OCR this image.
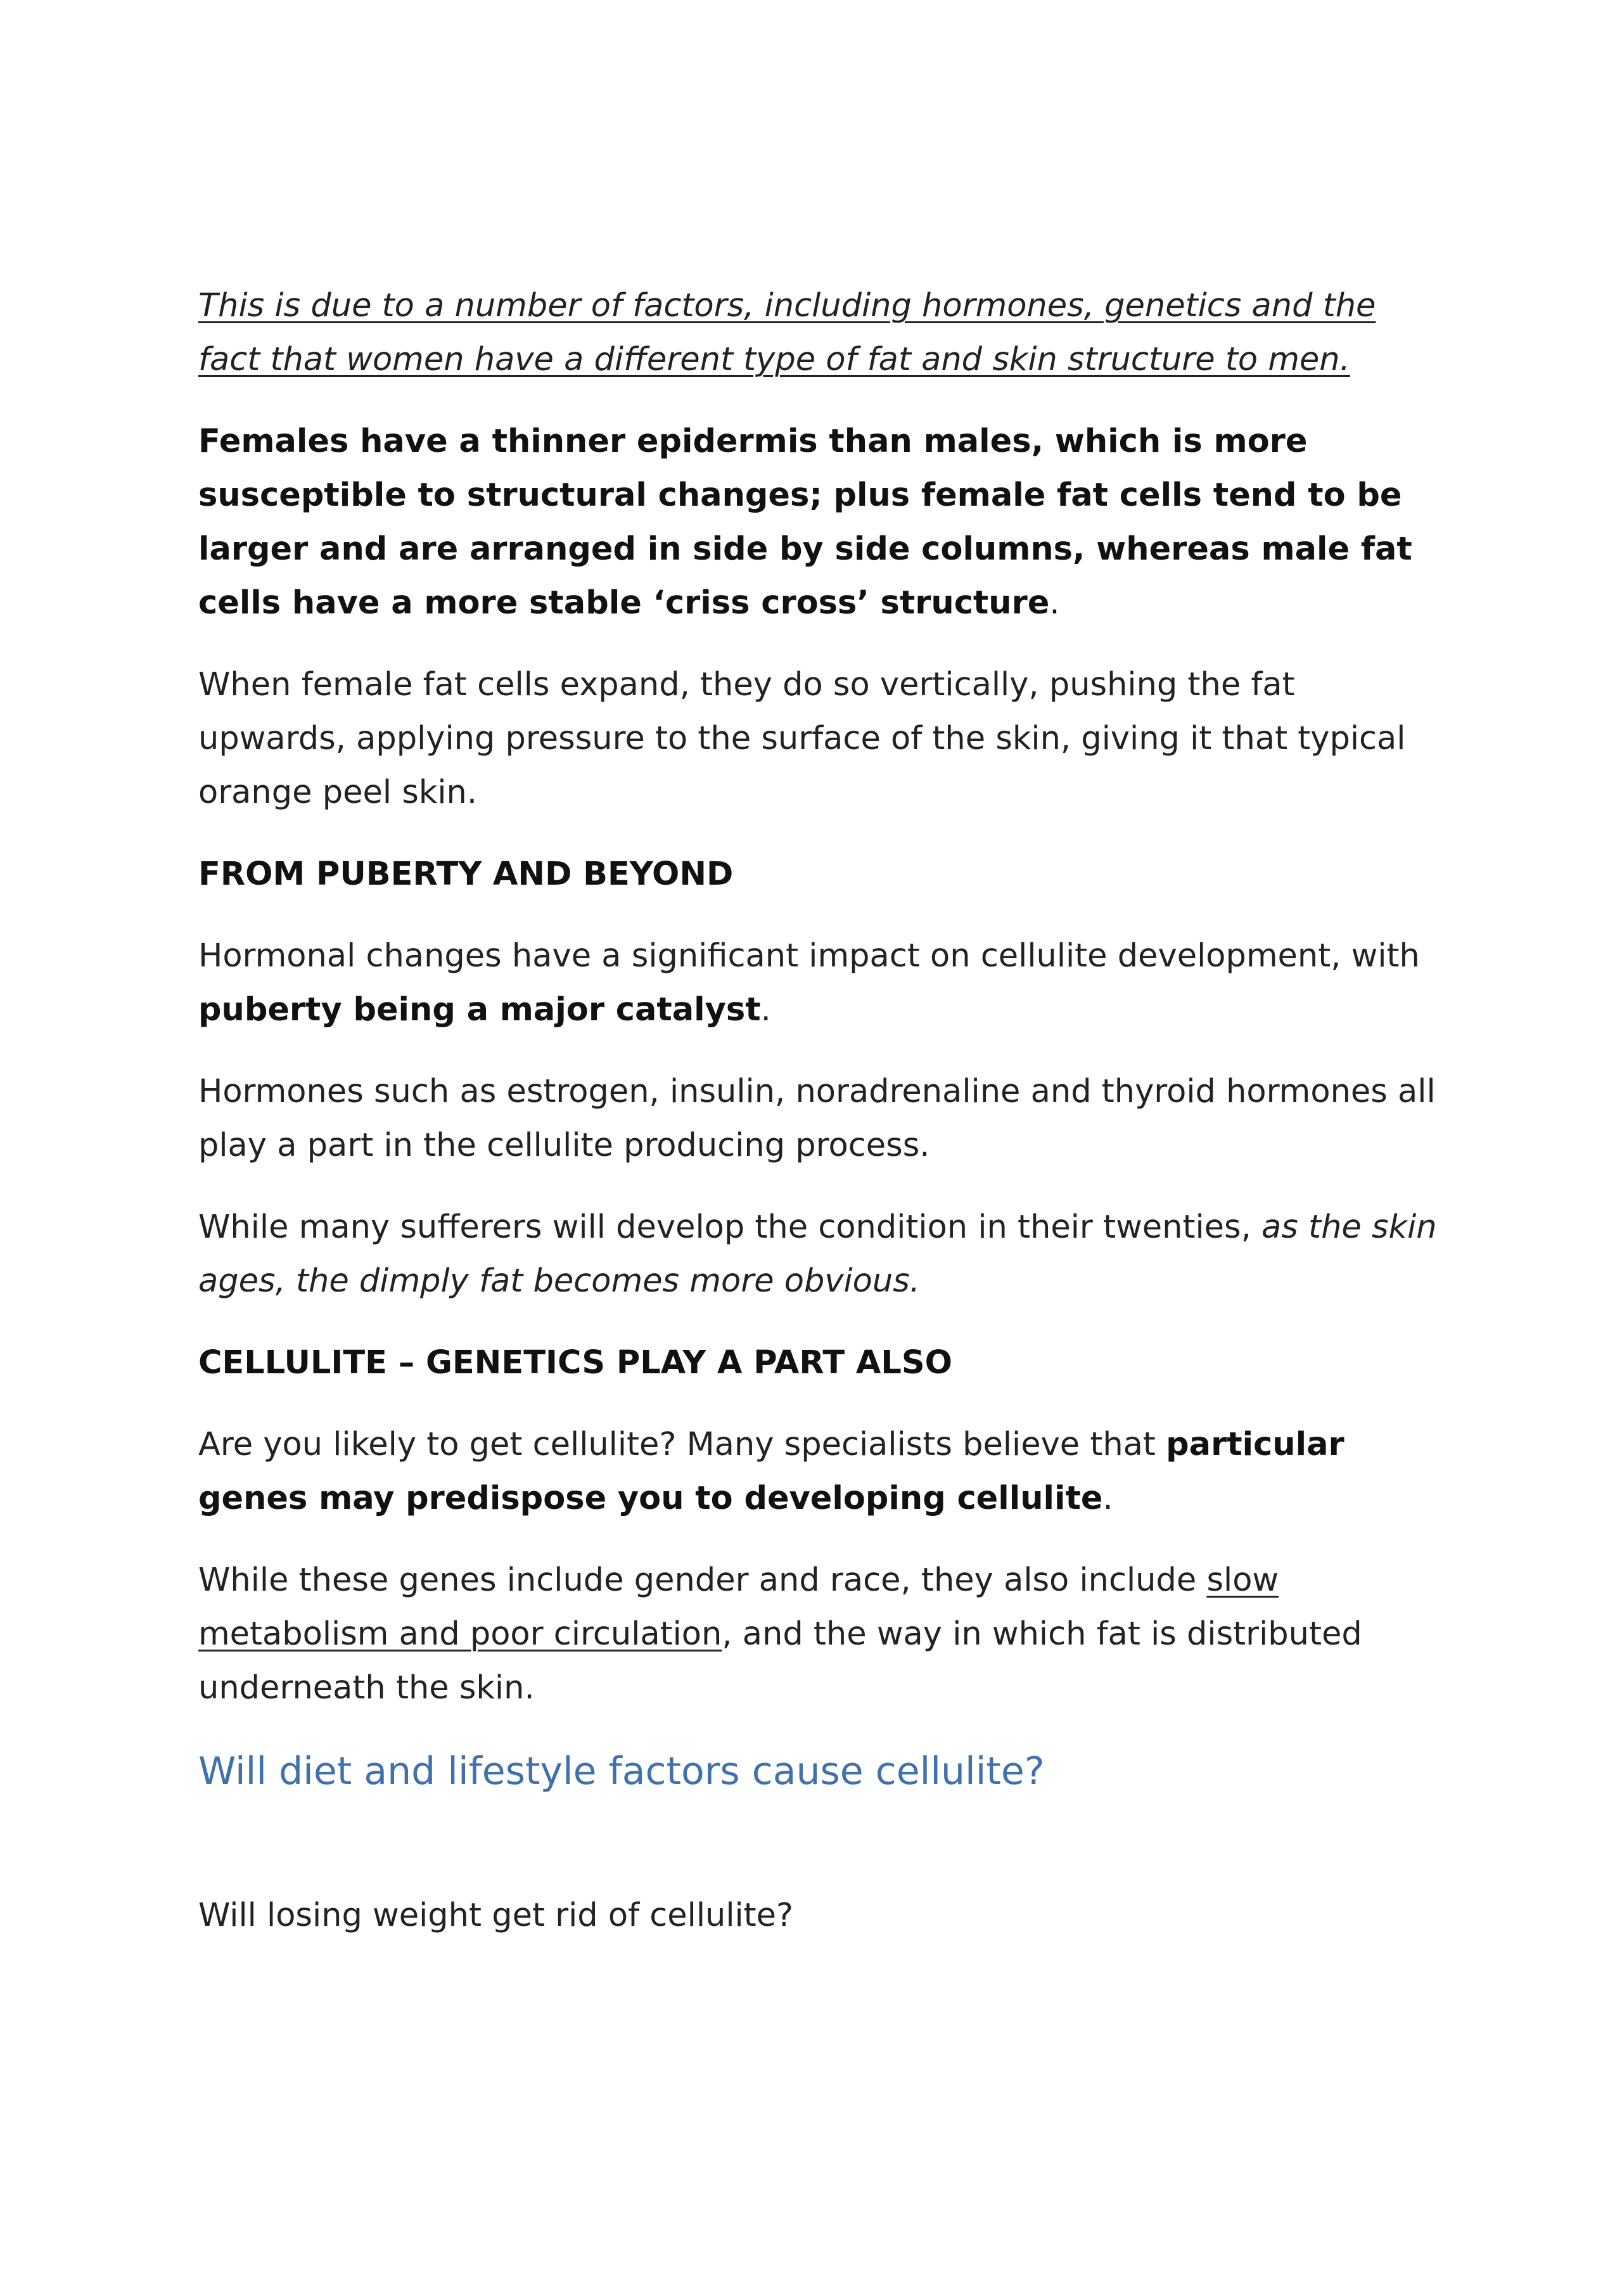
This is due to a number of factors, including hormones, genetics and the fact that women have a different type of fat and skin structure to men.

Females have a thinner epidermis than males, which is more susceptible to structural changes; plus female fat cells tend to be larger and are arranged in side by side columns, whereas male fat cells have a more stable ‘criss cross’ structure.

When female fat cells expand, they do so vertically, pushing the fat upwards, applying pressure to the surface of the skin, giving it that typical orange peel skin.

FROM PUBERTY AND BEYOND

Hormonal changes have a significant impact on cellulite development, with puberty being a major catalyst.

Hormones such as estrogen, insulin, noradrenaline and thyroid hormones all play a part in the cellulite producing process.

While many sufferers will develop the condition in their twenties, as the skin ages, the dimply fat becomes more obvious.

CELLULITE – GENETICS PLAY A PART ALSO

Are you likely to get cellulite? Many specialists believe that particular genes may predispose you to developing cellulite.

While these genes include gender and race, they also include slow metabolism and poor circulation, and the way in which fat is distributed underneath the skin.

Will diet and lifestyle factors cause cellulite?

Will losing weight get rid of cellulite?
